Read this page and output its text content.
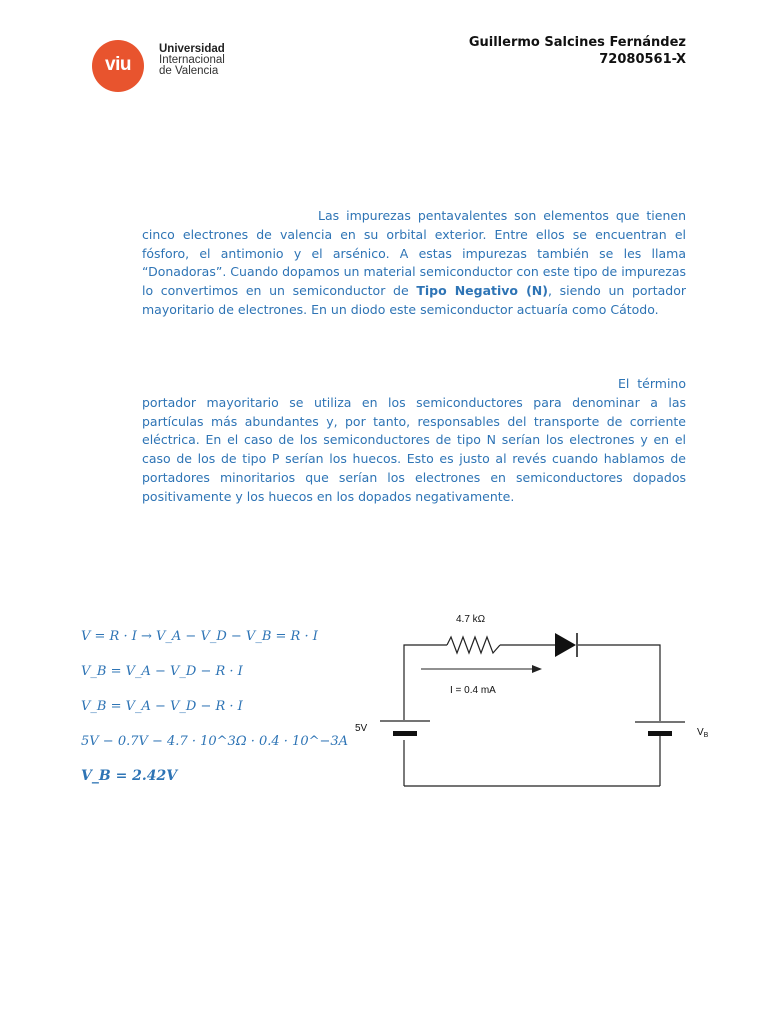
viu
Universidad
Internacional
de Valencia
Guillermo Salcines Fernández
72080561-X
Las impurezas pentavalentes son elementos que tienen cinco electrones de valencia en su orbital exterior. Entre ellos se encuentran el fósforo, el antimonio y el arsénico. A estas impurezas también se les llama “Donadoras”. Cuando dopamos un material semiconductor con este tipo de impurezas lo convertimos en un semiconductor de Tipo Negativo (N), siendo un portador mayoritario de electrones. En un diodo este semiconductor actuaría como Cátodo.
El término portador mayoritario se utiliza en los semiconductores para denominar a las partículas más abundantes y, por tanto, responsables del transporte de corriente eléctrica. En el caso de los semiconductores de tipo N serían los electrones y en el caso de los de tipo P serían los huecos. Esto es justo al revés cuando hablamos de portadores minoritarios que serían los electrones en semiconductores dopados positivamente y los huecos en los dopados negativamente.
V = R · I → V_A − V_D − V_B = R · I
V_B = V_A − V_D − R · I
V_B = V_A − V_D − R · I
5V − 0.7V − 4.7 · 10^3Ω · 0.4 · 10^−3A
V_B = 2.42V
4.7 kΩ
I = 0.4 mA
5V	$V_B$
